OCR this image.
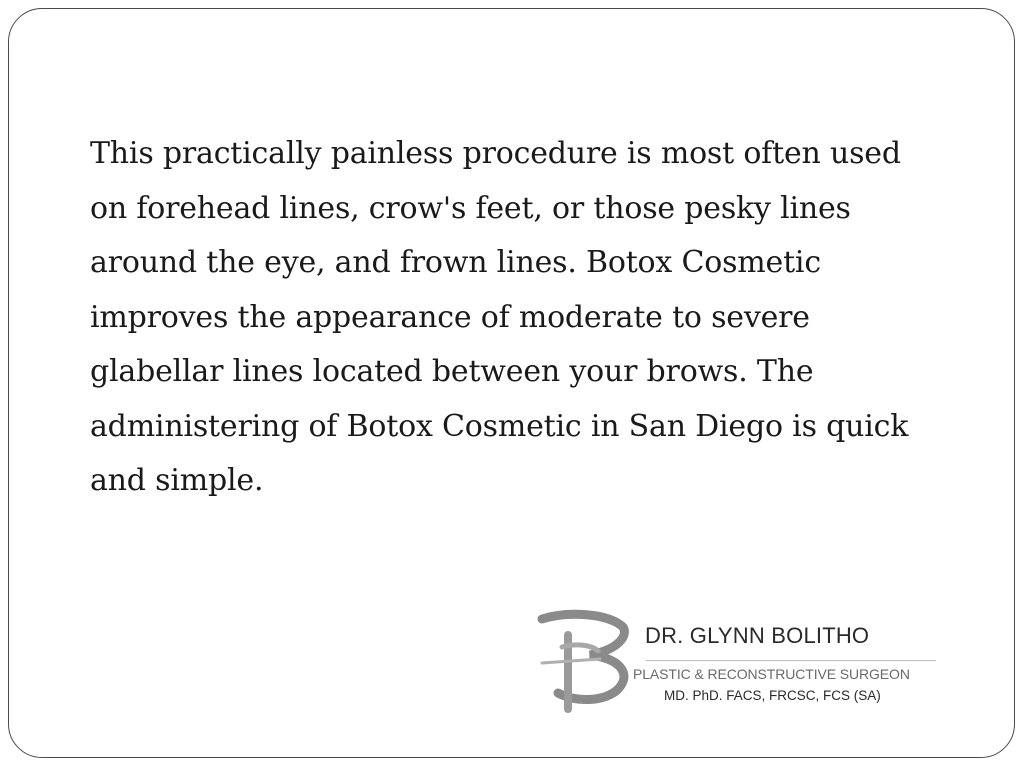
This practically painless procedure is most often used on forehead lines, crow's feet, or those pesky lines around the eye, and frown lines. Botox Cosmetic improves the appearance of moderate to severe glabellar lines located between your brows. The administering of Botox Cosmetic in San Diego is quick and simple.

DR. GLYNN BOLITHO

PLASTIC & RECONSTRUCTIVE SURGEON

MD. PhD. FACS, FRCSC, FCS (SA)
